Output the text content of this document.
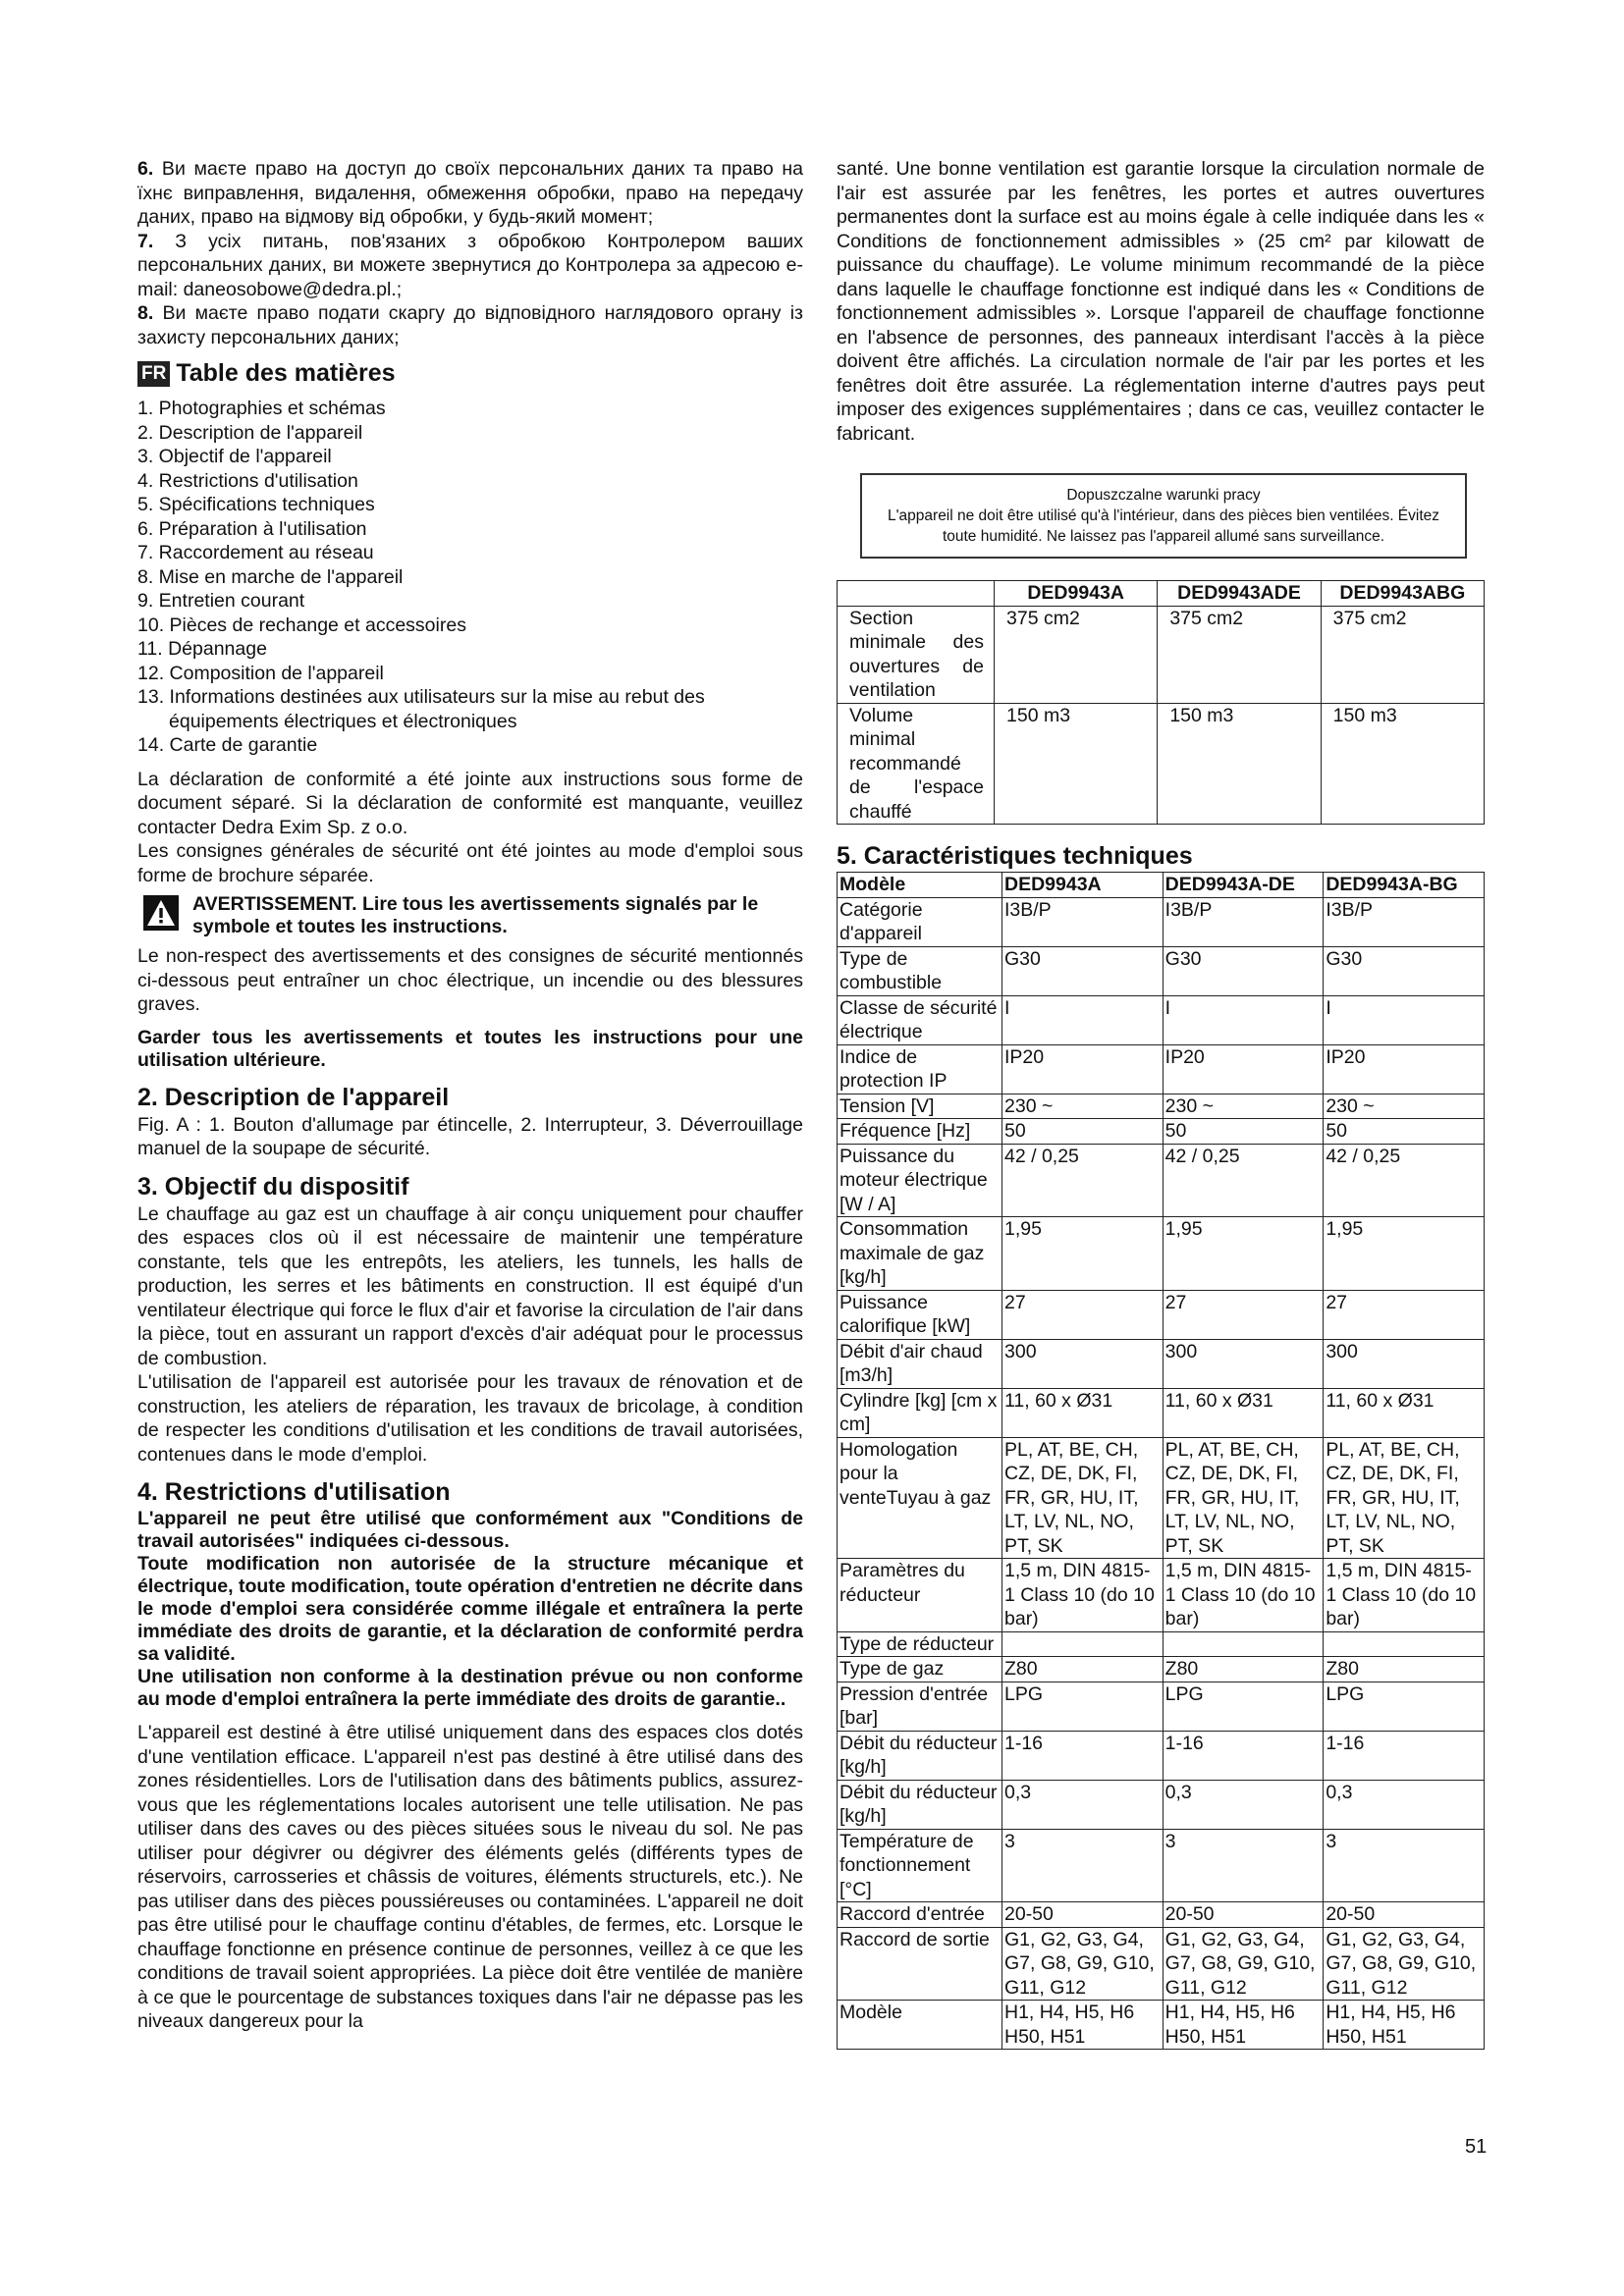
6. Ви маєте право на доступ до своїх персональних даних та право на їхнє виправлення, видалення, обмеження обробки, право на передачу даних, право на відмову від обробки, у будь-який момент;

7. З усіх питань, пов'язаних з обробкою Контролером ваших персональних даних, ви можете звернутися до Контролера за адресою e-mail: daneosobowe@dedra.pl.;

8. Ви маєте право подати скаргу до відповідного наглядового органу із захисту персональних даних;

FR Table des matières
1. Photographies et schémas
2. Description de l'appareil
3. Objectif de l'appareil
4. Restrictions d'utilisation
5. Spécifications techniques
6. Préparation à l'utilisation
7. Raccordement au réseau
8. Mise en marche de l'appareil
9. Entretien courant
10. Pièces de rechange et accessoires
11. Dépannage
12. Composition de l'appareil
13. Informations destinées aux utilisateurs sur la mise au rebut des équipements électriques et électroniques
14. Carte de garantie

La déclaration de conformité a été jointe aux instructions sous forme de document séparé. Si la déclaration de conformité est manquante, veuillez contacter Dedra Exim Sp. z o.o.

Les consignes générales de sécurité ont été jointes au mode d'emploi sous forme de brochure séparée.

AVERTISSEMENT. Lire tous les avertissements signalés par le symbole et toutes les instructions.

Le non-respect des avertissements et des consignes de sécurité mentionnés ci-dessous peut entraîner un choc électrique, un incendie ou des blessures graves.

Garder tous les avertissements et toutes les instructions pour une utilisation ultérieure.

2. Description de l'appareil

Fig. A : 1. Bouton d'allumage par étincelle, 2. Interrupteur, 3. Déverrouillage manuel de la soupape de sécurité.

3. Objectif du dispositif

Le chauffage au gaz est un chauffage à air conçu uniquement pour chauffer des espaces clos où il est nécessaire de maintenir une température constante, tels que les entrepôts, les ateliers, les tunnels, les halls de production, les serres et les bâtiments en construction. Il est équipé d'un ventilateur électrique qui force le flux d'air et favorise la circulation de l'air dans la pièce, tout en assurant un rapport d'excès d'air adéquat pour le processus de combustion.

L'utilisation de l'appareil est autorisée pour les travaux de rénovation et de construction, les ateliers de réparation, les travaux de bricolage, à condition de respecter les conditions d'utilisation et les conditions de travail autorisées, contenues dans le mode d'emploi.

4. Restrictions d'utilisation

L'appareil ne peut être utilisé que conformément aux "Conditions de travail autorisées" indiquées ci-dessous.

Toute modification non autorisée de la structure mécanique et électrique, toute modification, toute opération d'entretien ne décrite dans le mode d'emploi sera considérée comme illégale et entraînera la perte immédiate des droits de garantie, et la déclaration de conformité perdra sa validité.

Une utilisation non conforme à la destination prévue ou non conforme au mode d'emploi entraînera la perte immédiate des droits de garantie..

L'appareil est destiné à être utilisé uniquement dans des espaces clos dotés d'une ventilation efficace. L'appareil n'est pas destiné à être utilisé dans des zones résidentielles. Lors de l'utilisation dans des bâtiments publics, assurez-vous que les réglementations locales autorisent une telle utilisation. Ne pas utiliser dans des caves ou des pièces situées sous le niveau du sol. Ne pas utiliser pour dégivrer ou dégivrer des éléments gelés (différents types de réservoirs, carrosseries et châssis de voitures, éléments structurels, etc.). Ne pas utiliser dans des pièces poussiéreuses ou contaminées. L'appareil ne doit pas être utilisé pour le chauffage continu d'étables, de fermes, etc. Lorsque le chauffage fonctionne en présence continue de personnes, veillez à ce que les conditions de travail soient appropriées. La pièce doit être ventilée de manière à ce que le pourcentage de substances toxiques dans l'air ne dépasse pas les niveaux dangereux pour la

santé. Une bonne ventilation est garantie lorsque la circulation normale de l'air est assurée par les fenêtres, les portes et autres ouvertures permanentes dont la surface est au moins égale à celle indiquée dans les « Conditions de fonctionnement admissibles » (25 cm² par kilowatt de puissance du chauffage). Le volume minimum recommandé de la pièce dans laquelle le chauffage fonctionne est indiqué dans les « Conditions de fonctionnement admissibles ». Lorsque l'appareil de chauffage fonctionne en l'absence de personnes, des panneaux interdisant l'accès à la pièce doivent être affichés. La circulation normale de l'air par les portes et les fenêtres doit être assurée. La réglementation interne d'autres pays peut imposer des exigences supplémentaires ; dans ce cas, veuillez contacter le fabricant.

Dopuszczalne warunki pracy
L'appareil ne doit être utilisé qu'à l'intérieur, dans des pièces bien ventilées. Évitez toute humidité. Ne laissez pas l'appareil allumé sans surveillance.
	DED9943A	DED9943ADE	DED9943ABG
Section minimale des ouvertures de ventilation	375 cm2	375 cm2	375 cm2
Volume minimal recommandé de l'espace chauffé	150 m3	150 m3	150 m3
5. Caractéristiques techniques
Modèle	DED9943A	DED9943A-DE	DED9943A-BG
Catégorie d'appareil	I3B/P	I3B/P	I3B/P
Type de combustible	G30	G30	G30
Classe de sécurité électrique	I	I	I
Indice de protection IP	IP20	IP20	IP20
Tension [V]	230 ~	230 ~	230 ~
Fréquence [Hz]	50	50	50
Puissance du moteur électrique [W / A]	42 / 0,25	42 / 0,25	42 / 0,25
Consommation maximale de gaz [kg/h]	1,95	1,95	1,95
Puissance calorifique [kW]	27	27	27
Débit d'air chaud [m3/h]	300	300	300
Cylindre [kg] [cm x cm]	11, 60 x Ø31	11, 60 x Ø31	11, 60 x Ø31
Homologation pour la venteTuyau à gaz	PL, AT, BE, CH, CZ, DE, DK, FI, FR, GR, HU, IT, LT, LV, NL, NO, PT, SK	PL, AT, BE, CH, CZ, DE, DK, FI, FR, GR, HU, IT, LT, LV, NL, NO, PT, SK	PL, AT, BE, CH, CZ, DE, DK, FI, FR, GR, HU, IT, LT, LV, NL, NO, PT, SK
Paramètres du réducteur	1,5 m, DIN 4815-1 Class 10 (do 10 bar)	1,5 m, DIN 4815-1 Class 10 (do 10 bar)	1,5 m, DIN 4815-1 Class 10 (do 10 bar)
Type de réducteur			
Type de gaz	Z80	Z80	Z80
Pression d'entrée [bar]	LPG	LPG	LPG
Débit du réducteur [kg/h]	1-16	1-16	1-16
Débit du réducteur [kg/h]	0,3	0,3	0,3
Température de fonctionnement [°C]	3	3	3
Raccord d'entrée	20-50	20-50	20-50
Raccord de sortie	G1, G2, G3, G4, G7, G8, G9, G10, G11, G12	G1, G2, G3, G4, G7, G8, G9, G10, G11, G12	G1, G2, G3, G4, G7, G8, G9, G10, G11, G12
Modèle	H1, H4, H5, H6 H50, H51	H1, H4, H5, H6 H50, H51	H1, H4, H5, H6 H50, H51
51
